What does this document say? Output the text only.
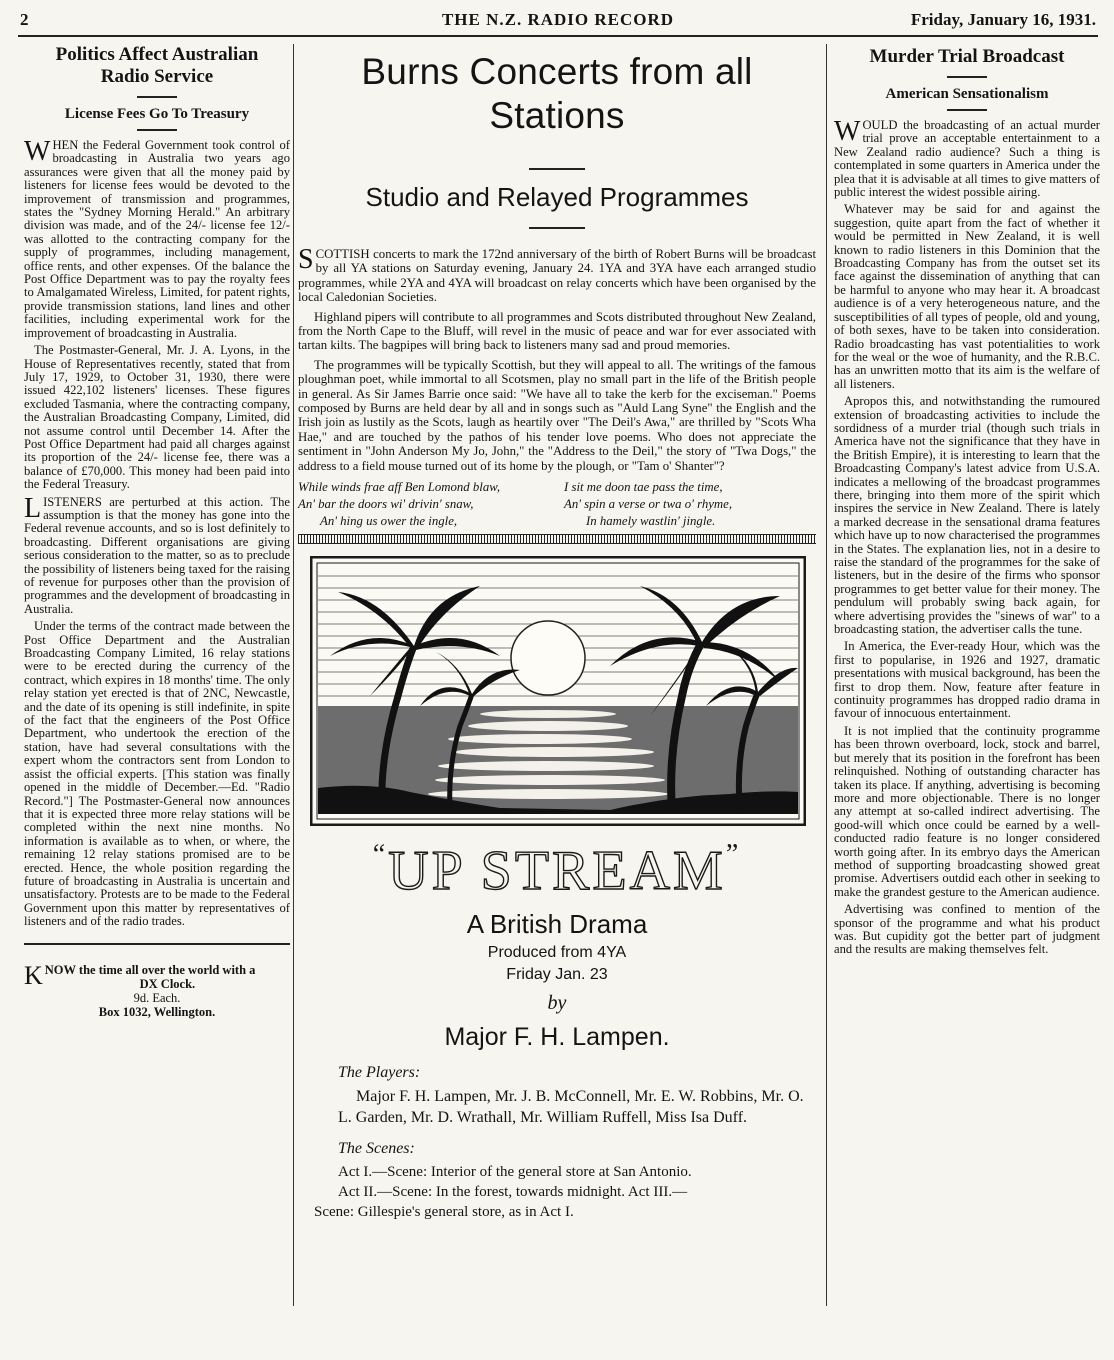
2	THE N.Z. RADIO RECORD	Friday, January 16, 1931.
Politics Affect Australian
Radio Service
License Fees Go To Treasury

WHEN the Federal Government took control of broadcasting in Australia two years ago assurances were given that all the money paid by listeners for license fees would be devoted to the improvement of transmission and programmes, states the "Sydney Morning Herald." An arbitrary division was made, and of the 24/- license fee 12/- was allotted to the contracting company for the supply of programmes, including management, office rents, and other expenses. Of the balance the Post Office Department was to pay the royalty fees to Amalgamated Wireless, Limited, for patent rights, provide transmission stations, land lines and other facilities, including experimental work for the improvement of broadcasting in Australia.

The Postmaster-General, Mr. J. A. Lyons, in the House of Representatives recently, stated that from July 17, 1929, to October 31, 1930, there were issued 422,102 listeners' licenses. These figures excluded Tasmania, where the contracting company, the Australian Broadcasting Company, Limited, did not assume control until December 14. After the Post Office Department had paid all charges against its proportion of the 24/- license fee, there was a balance of £70,000. This money had been paid into the Federal Treasury.

LISTENERS are perturbed at this action. The assumption is that the money has gone into the Federal revenue accounts, and so is lost definitely to broadcasting. Different organisations are giving serious consideration to the matter, so as to preclude the possibility of listeners being taxed for the raising of revenue for purposes other than the provision of programmes and the development of broadcasting in Australia.

Under the terms of the contract made between the Post Office Department and the Australian Broadcasting Company Limited, 16 relay stations were to be erected during the currency of the contract, which expires in 18 months' time. The only relay station yet erected is that of 2NC, Newcastle, and the date of its opening is still indefinite, in spite of the fact that the engineers of the Post Office Department, who undertook the erection of the station, have had several consultations with the expert whom the contractors sent from London to assist the official experts. [This station was finally opened in the middle of December.—Ed. "Radio Record."] The Postmaster-General now announces that it is expected three more relay stations will be completed within the next nine months. No information is available as to when, or where, the remaining 12 relay stations promised are to be erected. Hence, the whole position regarding the future of broadcasting in Australia is uncertain and unsatisfactory. Protests are to be made to the Federal Government upon this matter by representatives of listeners and of the radio trades.

KNOW the time all over the world with a
DX Clock.
9d. Each.
Box 1032, Wellington.
Burns Concerts from all Stations
Studio and Relayed Programmes

SCOTTISH concerts to mark the 172nd anniversary of the birth of Robert Burns will be broadcast by all YA stations on Saturday evening, January 24. 1YA and 3YA have each arranged studio programmes, while 2YA and 4YA will broadcast on relay concerts which have been organised by the local Caledonian Societies.

Highland pipers will contribute to all programmes and Scots distributed throughout New Zealand, from the North Cape to the Bluff, will revel in the music of peace and war for ever associated with tartan kilts. The bagpipes will bring back to listeners many sad and proud memories.

The programmes will be typically Scottish, but they will appeal to all. The writings of the famous ploughman poet, while immortal to all Scotsmen, play no small part in the life of the British people in general. As Sir James Barrie once said: "We have all to take the kerb for the exciseman." Poems composed by Burns are held dear by all and in songs such as "Auld Lang Syne" the English and the Irish join as lustily as the Scots, laugh as heartily over "The Deil's Awa," are thrilled by "Scots Wha Hae," and are touched by the pathos of his tender love poems. Who does not appreciate the sentiment in "John Anderson My Jo, John," the "Address to the Deil," the story of "Twa Dogs," the address to a field mouse turned out of its home by the plough, or "Tam o' Shanter"?

While winds frae aff Ben Lomond blaw,	I sit me doon tae pass the time,
An' bar the doors wi' drivin' snaw,	An' spin a verse or twa o' rhyme,
An' hing us ower the ingle,	In hamely wastlin' jingle.
“UP STREAM”
A British Drama
Produced from 4YA
Friday Jan. 23
by
Major F. H. Lampen.
The Players:

Major F. H. Lampen, Mr. J. B. McConnell, Mr. E. W. Robbins, Mr. O. L. Garden, Mr. D. Wrathall, Mr. William Ruffell, Miss Isa Duff.

The Scenes:
Act I.—Scene: Interior of the general store at San Antonio.
Act II.—Scene: In the forest, towards midnight. Act III.—
Scene: Gillespie's general store, as in Act I.
Murder Trial Broadcast
American Sensationalism

WOULD the broadcasting of an actual murder trial prove an acceptable entertainment to a New Zealand radio audience? Such a thing is contemplated in some quarters in America under the plea that it is advisable at all times to give matters of public interest the widest possible airing.

Whatever may be said for and against the suggestion, quite apart from the fact of whether it would be permitted in New Zealand, it is well known to radio listeners in this Dominion that the Broadcasting Company has from the outset set its face against the dissemination of anything that can be harmful to anyone who may hear it. A broadcast audience is of a very heterogeneous nature, and the susceptibilities of all types of people, old and young, of both sexes, have to be taken into consideration. Radio broadcasting has vast potentialities to work for the weal or the woe of humanity, and the R.B.C. has an unwritten motto that its aim is the welfare of all listeners.

Apropos this, and notwithstanding the rumoured extension of broadcasting activities to include the sordidness of a murder trial (though such trials in America have not the significance that they have in the British Empire), it is interesting to learn that the Broadcasting Company's latest advice from U.S.A. indicates a mellowing of the broadcast programmes there, bringing into them more of the spirit which inspires the service in New Zealand. There is lately a marked decrease in the sensational drama features which have up to now characterised the programmes in the States. The explanation lies, not in a desire to raise the standard of the programmes for the sake of listeners, but in the desire of the firms who sponsor programmes to get better value for their money. The pendulum will probably swing back again, for where advertising provides the "sinews of war" to a broadcasting station, the advertiser calls the tune.

In America, the Ever-ready Hour, which was the first to popularise, in 1926 and 1927, dramatic presentations with musical background, has been the first to drop them. Now, feature after feature in continuity programmes has dropped radio drama in favour of innocuous entertainment.

It is not implied that the continuity programme has been thrown overboard, lock, stock and barrel, but merely that its position in the forefront has been relinquished. Nothing of outstanding character has taken its place. If anything, advertising is becoming more and more objectionable. There is no longer any attempt at so-called indirect advertising. The good-will which once could be earned by a well-conducted radio feature is no longer considered worth going after. In its embryo days the American method of supporting broadcasting showed great promise. Advertisers outdid each other in seeking to make the grandest gesture to the American audience.

Advertising was confined to mention of the sponsor of the programme and what his product was. But cupidity got the better part of judgment and the results are making themselves felt.
